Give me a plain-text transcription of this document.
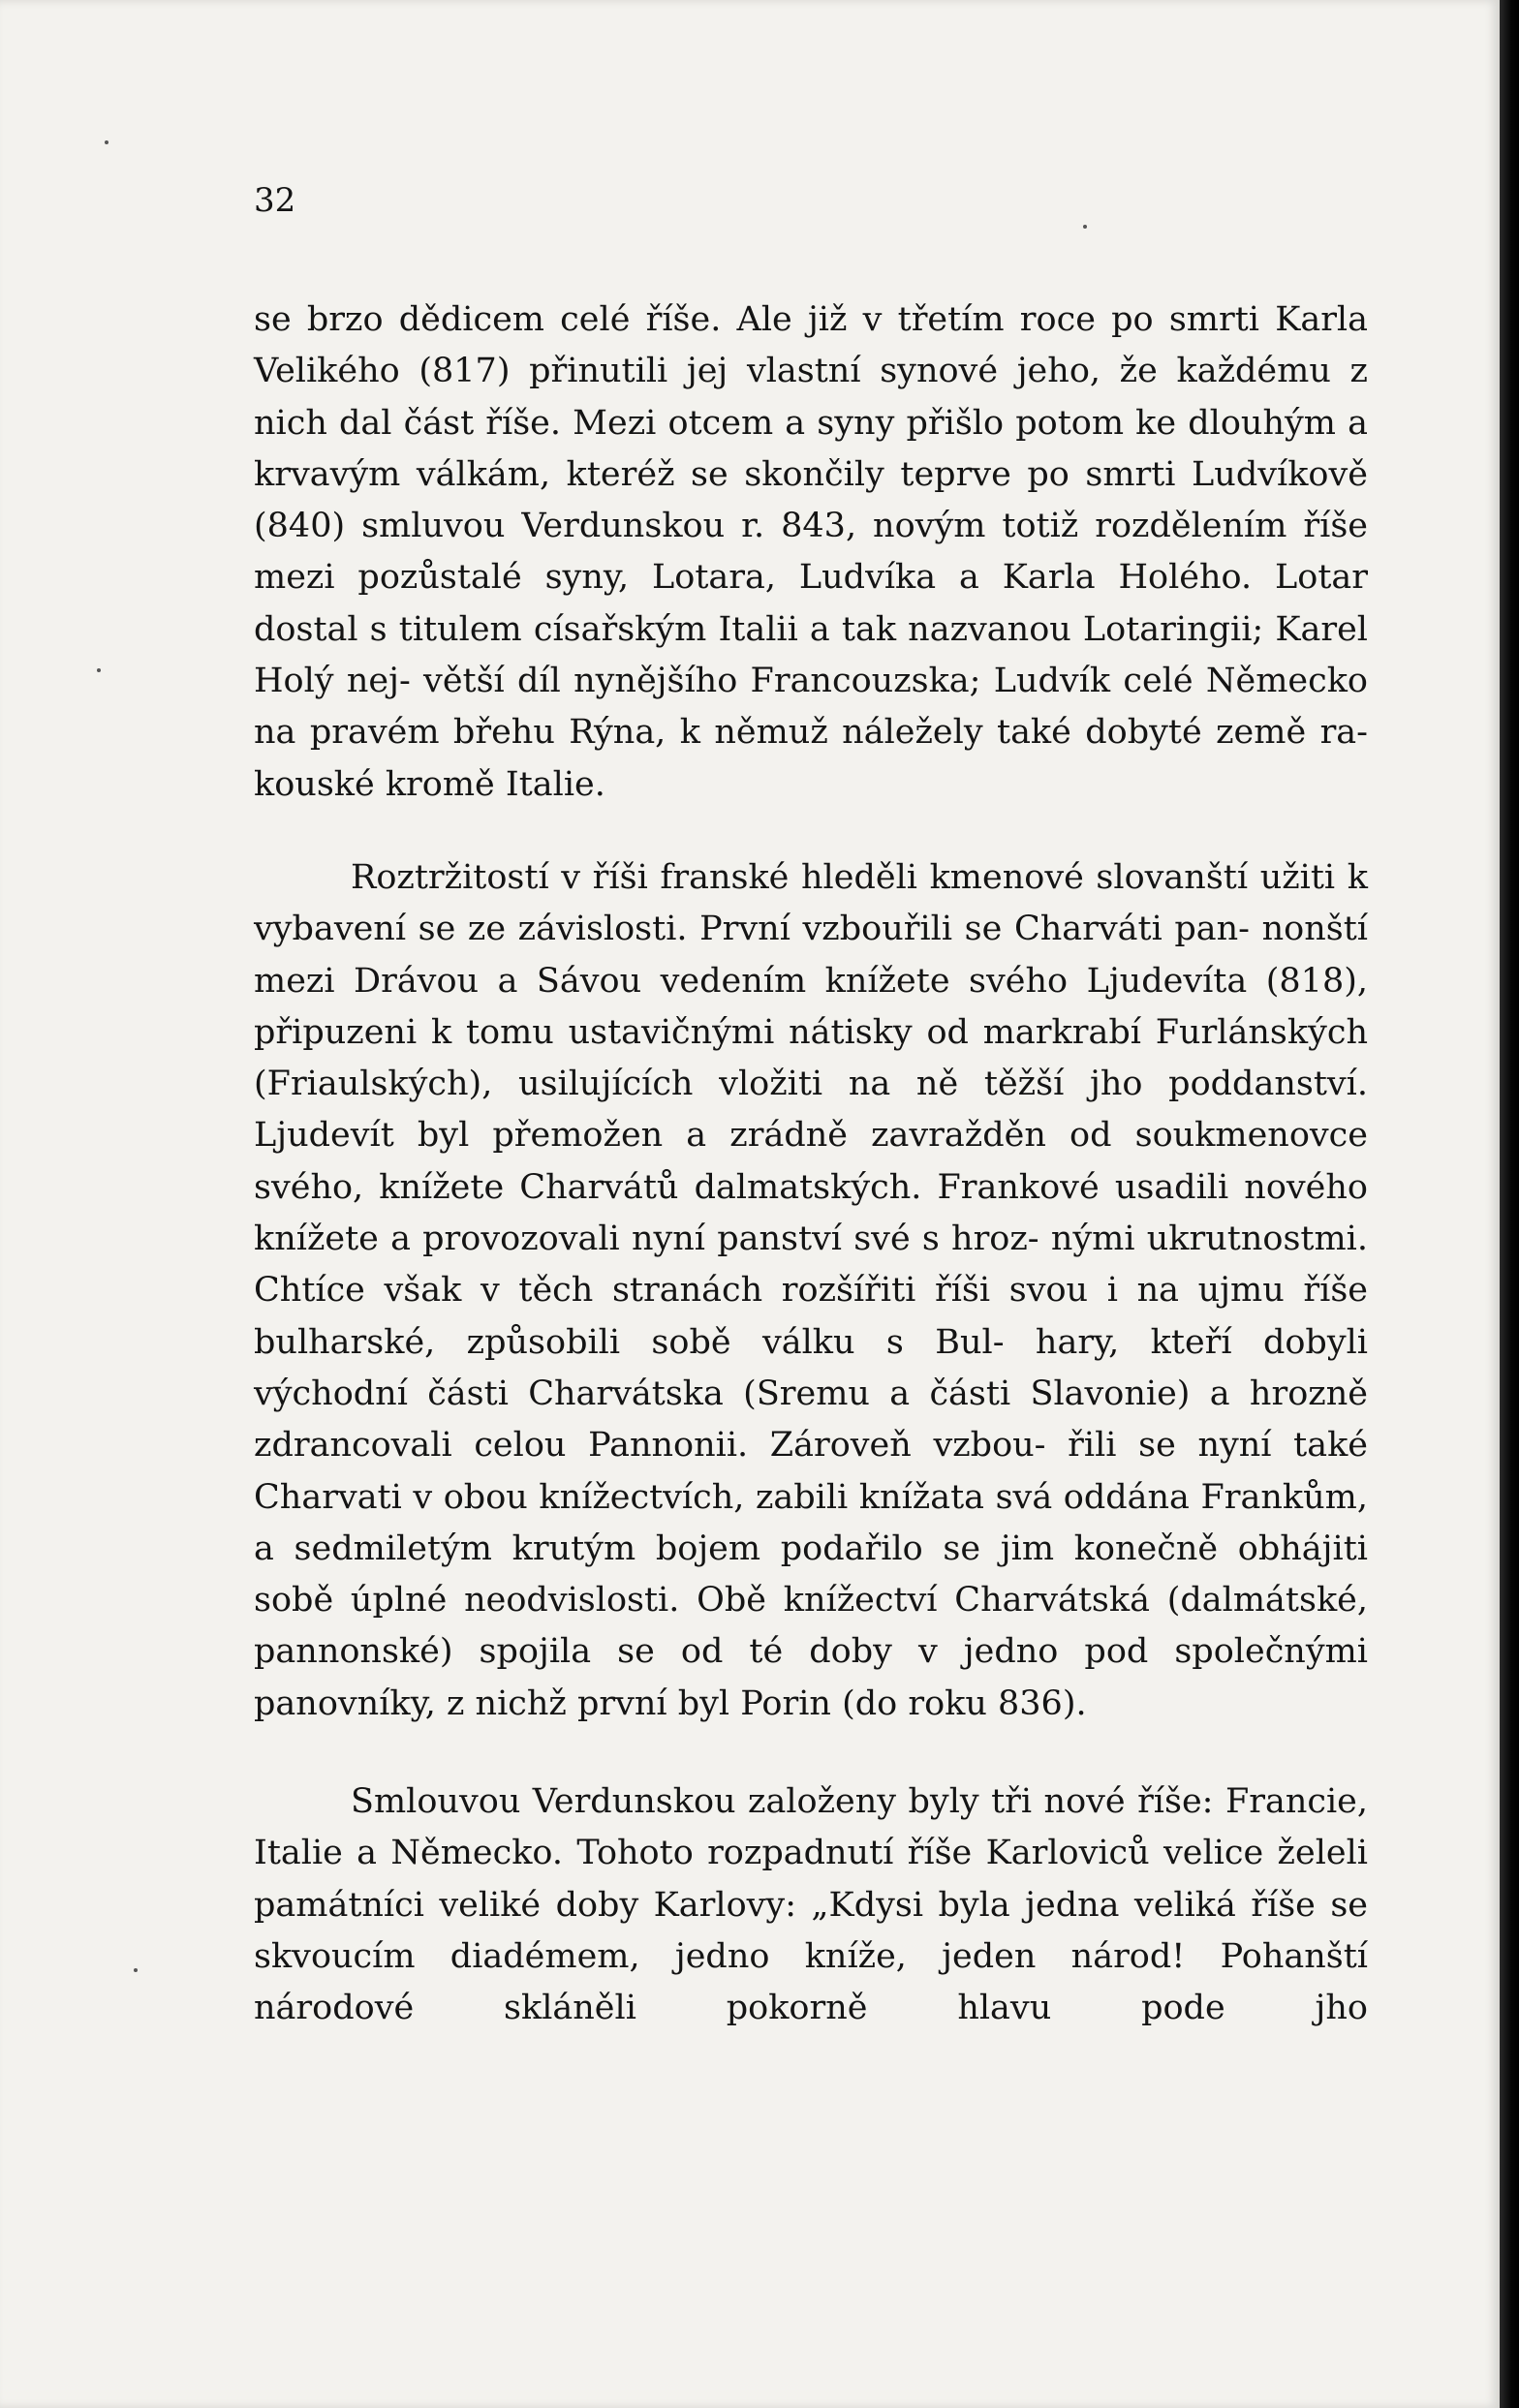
32

se brzo dědicem celé říše. Ale již v třetím roce po smrti Karla Velikého (817) přinutili jej vlastní synové jeho, že každému z nich dal část říše. Mezi otcem a syny přišlo potom ke dlouhým a krvavým válkám, kteréž se skončily teprve po smrti Ludvíkově (840) smluvou Verdunskou r. 843, novým totiž rozdělením říše mezi pozůstalé syny, Lotara, Ludvíka a Karla Holého. Lotar dostal s titulem císařským Italii a tak nazvanou Lotaringii; Karel Holý nej- větší díl nynějšího Francouzska; Ludvík celé Německo na pravém břehu Rýna, k němuž náležely také dobyté země ra- kouské kromě Italie.

Roztržitostí v říši franské hleděli kmenové slovanští užiti k vybavení se ze závislosti. První vzbouřili se Charváti pan- nonští mezi Drávou a Sávou vedením knížete svého Ljudevíta (818), připuzeni k tomu ustavičnými nátisky od markrabí Furlánských (Friaulských), usilujících vložiti na ně těžší jho poddanství. Ljudevít byl přemožen a zrádně zavražděn od soukmenovce svého, knížete Charvátů dalmatských. Frankové usadili nového knížete a provozovali nyní panství své s hroz- nými ukrutnostmi. Chtíce však v těch stranách rozšířiti říši svou i na ujmu říše bulharské, způsobili sobě válku s Bul- hary, kteří dobyli východní části Charvátska (Sremu a části Slavonie) a hrozně zdrancovali celou Pannonii. Zároveň vzbou- řili se nyní také Charvati v obou knížectvích, zabili knížata svá oddána Frankům, a sedmiletým krutým bojem podařilo se jim konečně obhájiti sobě úplné neodvislosti. Obě knížectví Charvátská (dalmátské, pannonské) spojila se od té doby v jedno pod společnými panovníky, z nichž první byl Porin (do roku 836).

Smlouvou Verdunskou založeny byly tři nové říše: Francie, Italie a Německo. Tohoto rozpadnutí říše Karloviců velice želeli památníci veliké doby Karlovy: „Kdysi byla jedna veliká říše se skvoucím diadémem, jedno kníže, jeden národ! Pohanští národové skláněli pokorně hlavu pode jho
